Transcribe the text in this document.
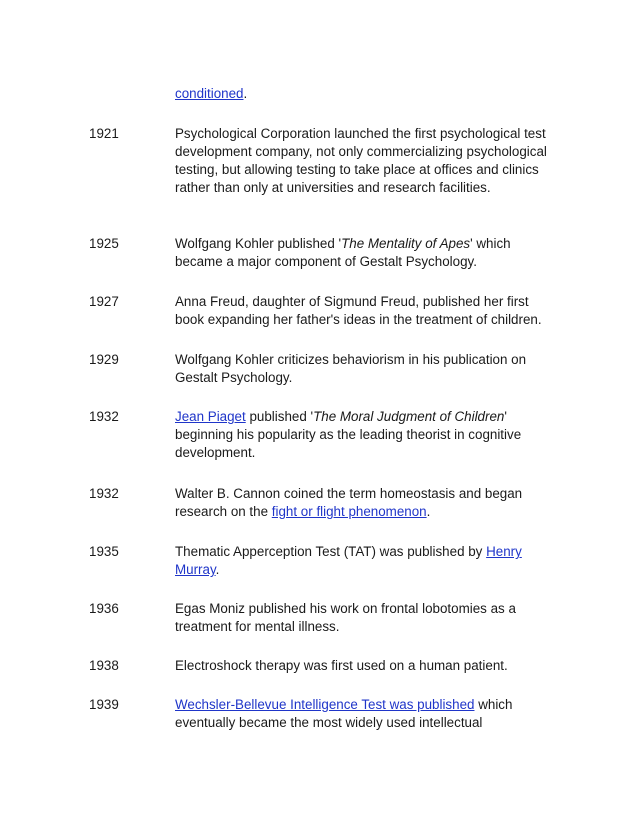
conditioned.
1921	Psychological Corporation launched the first psychological test development company, not only commercializing psychological testing, but allowing testing to take place at offices and clinics rather than only at universities and research facilities.
1925	Wolfgang Kohler published 'The Mentality of Apes' which became a major component of Gestalt Psychology.
1927	Anna Freud, daughter of Sigmund Freud, published her first book expanding her father's ideas in the treatment of children.
1929	Wolfgang Kohler criticizes behaviorism in his publication on Gestalt Psychology.
1932	Jean Piaget published 'The Moral Judgment of Children' beginning his popularity as the leading theorist in cognitive development.
1932	Walter B. Cannon coined the term homeostasis and began research on the fight or flight phenomenon.
1935	Thematic Apperception Test (TAT) was published by Henry Murray.
1936	Egas Moniz published his work on frontal lobotomies as a treatment for mental illness.
1938	Electroshock therapy was first used on a human patient.
1939	Wechsler-Bellevue Intelligence Test was published which eventually became the most widely used intellectual
